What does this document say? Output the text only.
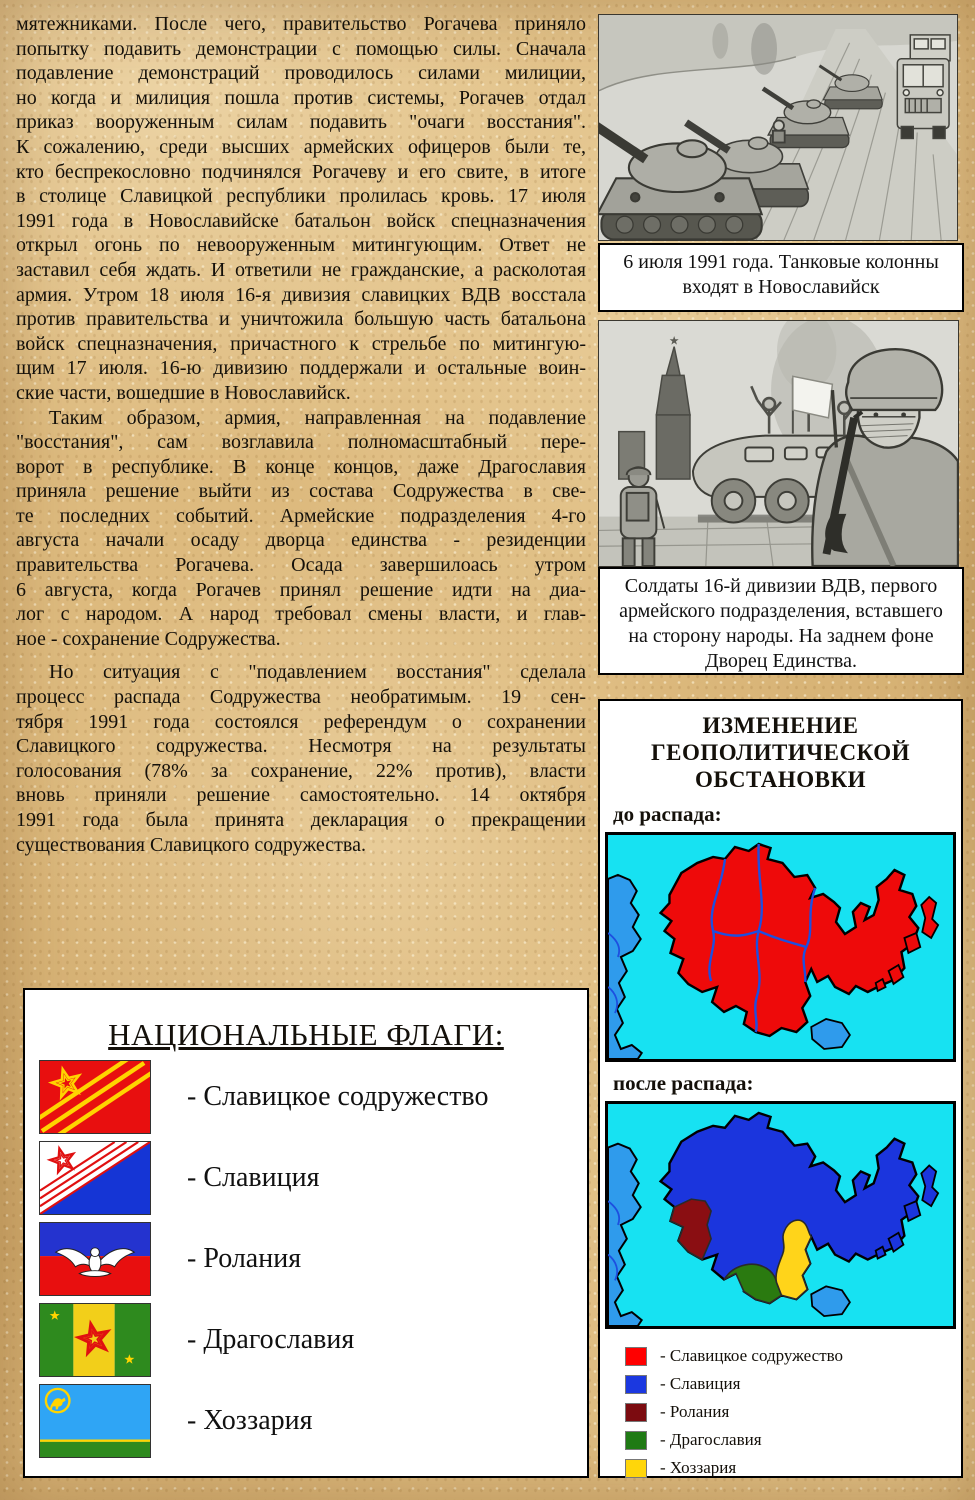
мятежниками. После чего, правительство Рогачева приняло
попытку подавить демонстрации с помощью силы. Сначала
подавление демонстраций проводилось силами милиции,
но когда и милиция пошла против системы, Рогачев отдал
приказ вооруженным силам подавить "очаги восстания".
К сожалению, среди высших армейских офицеров были те,
кто беспрекословно подчинялся Рогачеву и его свите, в итоге
в столице Славицкой республики пролилась кровь. 17 июля
1991 года в Новославийске батальон войск спецназначения
открыл огонь по невооруженным митингующим. Ответ не
заставил себя ждать. И ответили не гражданские, а расколотая
армия. Утром 18 июля 16-я дивизия славицких ВДВ восстала
против правительства и уничтожила большую часть батальона
войск спецназначения, причастного к стрельбе по митингую-
щим 17 июля. 16-ю дивизию поддержали и остальные воин-
ские части, вошедшие в Новославийск.
Таким образом, армия, направленная на подавление
"восстания", сам возглавила полномасштабный пере-
ворот в республике. В конце концов, даже Драгославия
приняла решение выйти из состава Содружества в све-
те последних событий. Армейские подразделения 4-го
августа начали осаду дворца единства - резиденции
правительства Рогачева. Осада завершилоась утром
6 августа, когда Рогачев принял решение идти на диа-
лог с народом. А народ требовал смены власти, и глав-
ное - сохранение Содружества.
Но ситуация с "подавлением восстания" сделала
процесс распада Содружества необратимым. 19 сен-
тября 1991 года состоялся референдум о сохранении
Славицкого содружества. Несмотря на результаты
голосования (78% за сохранение, 22% против), власти
вновь приняли решение самостоятельно. 14 октября
1991 года была принята декларация о прекращении
существования Славицкого содружества.
6 июля 1991 года. Танковые колонны входят в Новославийск
Солдаты 16-й дивизии ВДВ, первого армейского подразделения, вставшего на сторону народы. На заднем фоне Дворец Единства.
ИЗМЕНЕНИЕ
ГЕОПОЛИТИЧЕСКОЙ
ОБСТАНОВКИ
до распада:
после распада:
- Славицкое содружество
- Славиция
- Ролания
- Драгославия
- Хоззария
НАЦИОНАЛЬНЫЕ ФЛАГИ:
- Славицкое содружество
- Славиция
- Ролания
- Драгославия
- Хоззария
